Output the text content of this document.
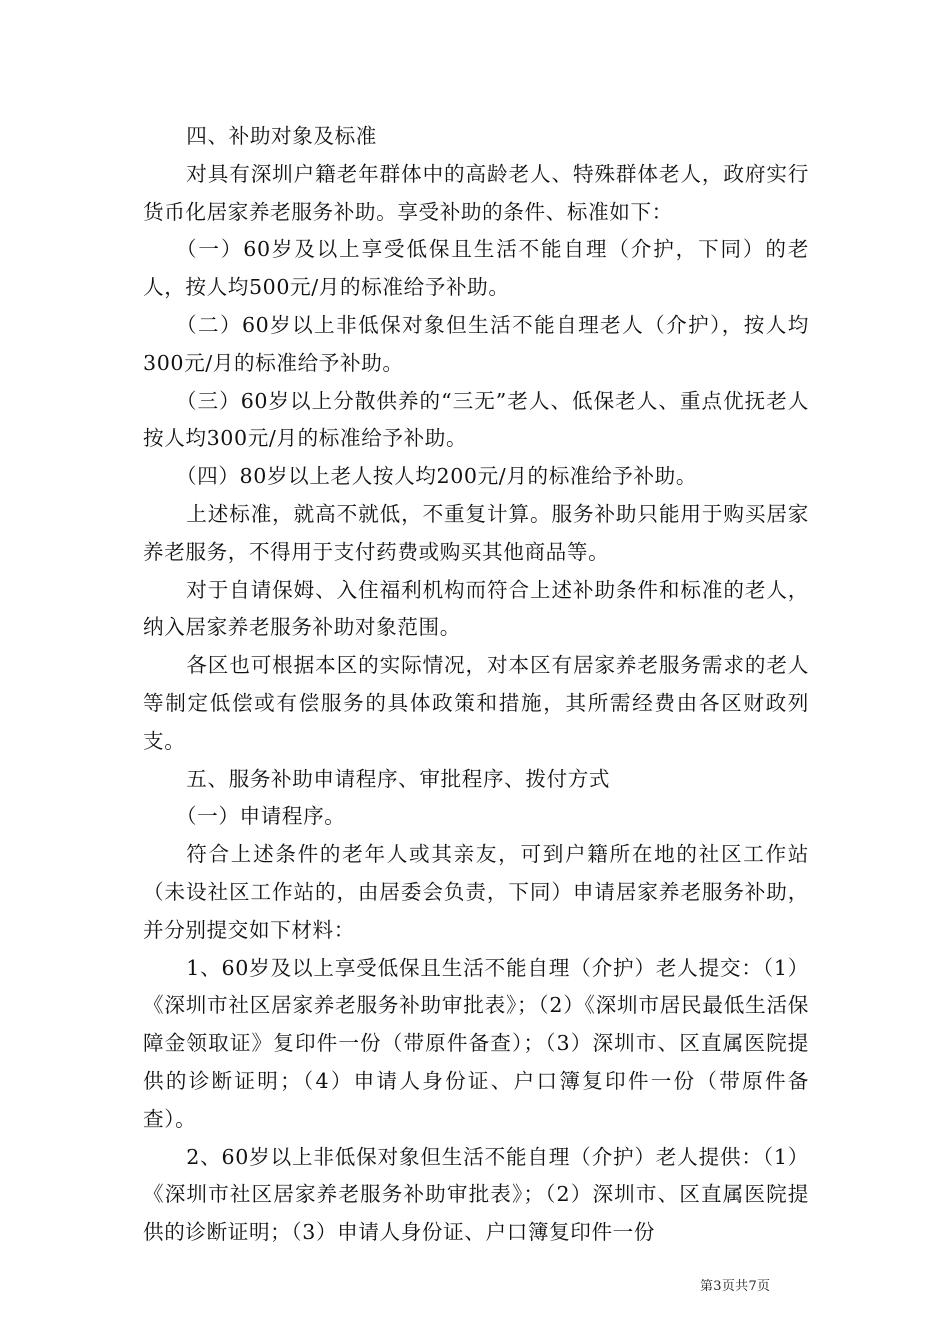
四、补助对象及标准

对具有深圳户籍老年群体中的高龄老人、特殊群体老人，政府实行货币化居家养老服务补助。享受补助的条件、标准如下：

（一）60岁及以上享受低保且生活不能自理（介护，下同）的老人，按人均500元/月的标准给予补助。

（二）60岁以上非低保对象但生活不能自理老人（介护），按人均300元/月的标准给予补助。

（三）60岁以上分散供养的“三无”老人、低保老人、重点优抚老人按人均300元/月的标准给予补助。

（四）80岁以上老人按人均200元/月的标准给予补助。

上述标准，就高不就低，不重复计算。服务补助只能用于购买居家养老服务，不得用于支付药费或购买其他商品等。

对于自请保姆、入住福利机构而符合上述补助条件和标准的老人，纳入居家养老服务补助对象范围。

各区也可根据本区的实际情况，对本区有居家养老服务需求的老人等制定低偿或有偿服务的具体政策和措施，其所需经费由各区财政列支。

五、服务补助申请程序、审批程序、拨付方式

（一）申请程序。

符合上述条件的老年人或其亲友，可到户籍所在地的社区工作站（未设社区工作站的，由居委会负责，下同）申请居家养老服务补助，并分别提交如下材料：

1、60岁及以上享受低保且生活不能自理（介护）老人提交：（1）《深圳市社区居家养老服务补助审批表》；（2）《深圳市居民最低生活保障金领取证》复印件一份（带原件备查）；（3）深圳市、区直属医院提供的诊断证明；（4）申请人身份证、户口簿复印件一份（带原件备查）。

2、60岁以上非低保对象但生活不能自理（介护）老人提供：（1）《深圳市社区居家养老服务补助审批表》；（2）深圳市、区直属医院提供的诊断证明；（3）申请人身份证、户口簿复印件一份

第3页共7页
